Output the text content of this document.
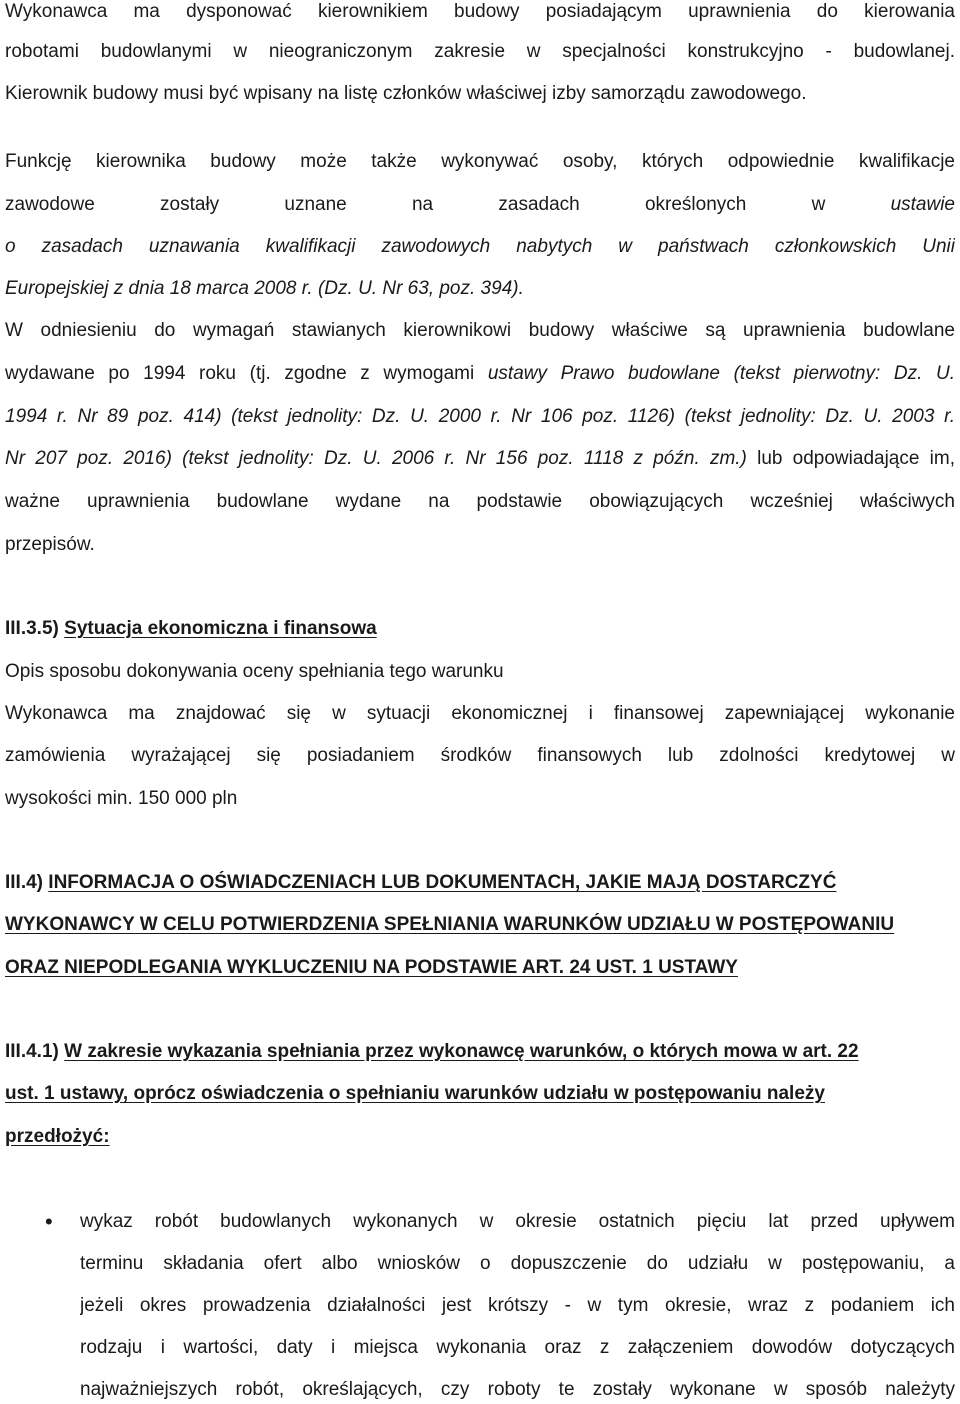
Wykonawca ma dysponować kierownikiem budowy posiadającym uprawnienia do kierowania
robotami budowlanymi w nieograniczonym zakresie w specjalności konstrukcyjno - budowlanej.
Kierownik budowy musi być wpisany na listę członków właściwej izby samorządu zawodowego.
Funkcję kierownika budowy może także wykonywać osoby, których odpowiednie kwalifikacje
zawodowe zostały uznane na zasadach określonych w	ustawie
o zasadach uznawania kwalifikacji zawodowych nabytych w państwach członkowskich Unii
Europejskiej z dnia 18 marca 2008 r. (Dz. U. Nr 63, poz. 394).
W odniesieniu do wymagań stawianych kierownikowi budowy właściwe są uprawnienia budowlane
wydawane po 1994 roku (tj. zgodne z wymogami ustawy Prawo budowlane (tekst pierwotny: Dz. U.
1994 r. Nr 89 poz. 414) (tekst jednolity: Dz. U. 2000 r. Nr 106 poz. 1126) (tekst jednolity: Dz. U. 2003 r.
Nr 207 poz. 2016) (tekst jednolity: Dz. U. 2006 r. Nr 156 poz. 1118 z późn. zm.) lub odpowiadające im,
ważne uprawnienia budowlane wydane na podstawie obowiązujących wcześniej właściwych
przepisów.
III.3.5) Sytuacja ekonomiczna i finansowa
Opis sposobu dokonywania oceny spełniania tego warunku
Wykonawca ma znajdować się w sytuacji ekonomicznej i finansowej zapewniającej wykonanie
zamówienia wyrażającej się posiadaniem środków finansowych lub zdolności kredytowej w
wysokości min. 150 000 pln
III.4) INFORMACJA O OŚWIADCZENIACH LUB DOKUMENTACH, JAKIE MAJĄ DOSTARCZYĆ
WYKONAWCY W CELU POTWIERDZENIA SPEŁNIANIA WARUNKÓW UDZIAŁU W POSTĘPOWANIU
ORAZ NIEPODLEGANIA WYKLUCZENIU NA PODSTAWIE ART. 24 UST. 1 USTAWY
III.4.1) W zakresie wykazania spełniania przez wykonawcę warunków, o których mowa w art. 22
ust. 1 ustawy, oprócz oświadczenia o spełnianiu warunków udziału w postępowaniu należy
przedłożyć:
• wykaz robót budowlanych wykonanych w okresie ostatnich pięciu lat przed upływem
terminu składania ofert albo wniosków o dopuszczenie do udziału w postępowaniu, a
jeżeli okres prowadzenia działalności jest krótszy - w tym okresie, wraz z podaniem ich
rodzaju i wartości, daty i miejsca wykonania oraz z załączeniem dowodów dotyczących
najważniejszych robót, określających, czy roboty te zostały wykonane w sposób należyty
